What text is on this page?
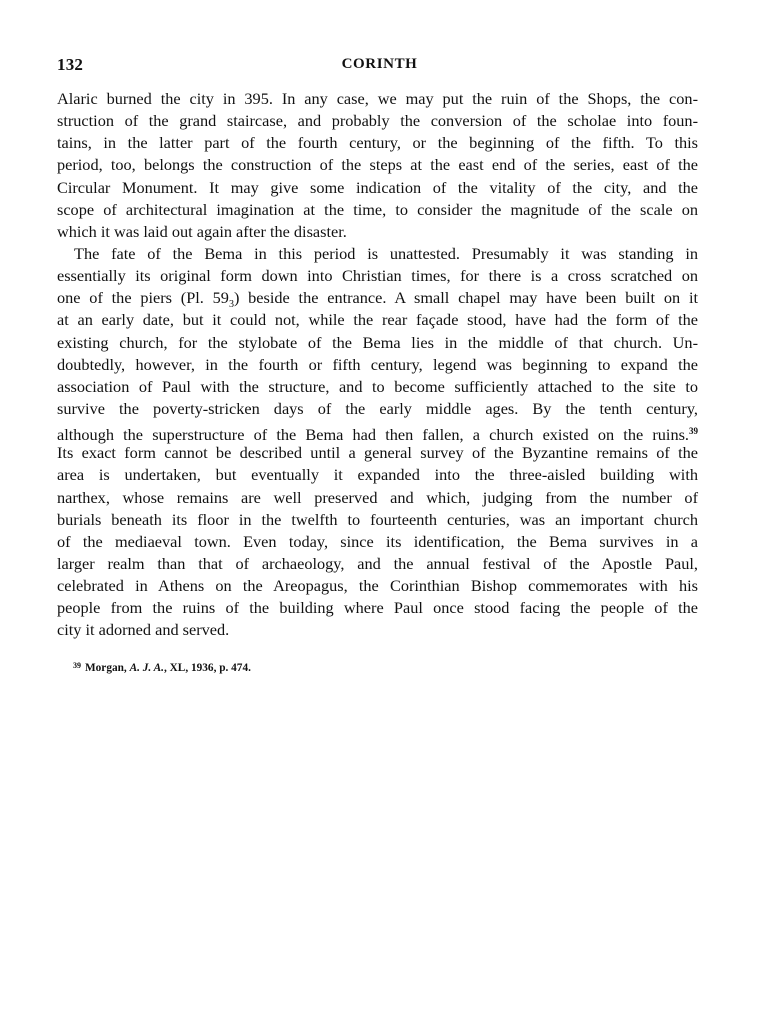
132	CORINTH
Alaric burned the city in 395. In any case, we may put the ruin of the Shops, the con-
struction of the grand staircase, and probably the conversion of the scholae into foun-
tains, in the latter part of the fourth century, or the beginning of the fifth. To this
period, too, belongs the construction of the steps at the east end of the series, east of the
Circular Monument. It may give some indication of the vitality of the city, and the
scope of architectural imagination at the time, to consider the magnitude of the scale on
which it was laid out again after the disaster.
The fate of the Bema in this period is unattested. Presumably it was standing in
essentially its original form down into Christian times, for there is a cross scratched on
one of the piers (Pl. $59_3$) beside the entrance. A small chapel may have been built on it
at an early date, but it could not, while the rear façade stood, have had the form of the
existing church, for the stylobate of the Bema lies in the middle of that church. Un-
doubtedly, however, in the fourth or fifth century, legend was beginning to expand the
association of Paul with the structure, and to become sufficiently attached to the site to
survive the poverty-stricken days of the early middle ages. By the tenth century,
although the superstructure of the Bema had then fallen, a church existed on the ruins.$^{39}$
Its exact form cannot be described until a general survey of the Byzantine remains of the
area is undertaken, but eventually it expanded into the three-aisled building with
narthex, whose remains are well preserved and which, judging from the number of
burials beneath its floor in the twelfth to fourteenth centuries, was an important church
of the mediaeval town. Even today, since its identification, the Bema survives in a
larger realm than that of archaeology, and the annual festival of the Apostle Paul,
celebrated in Athens on the Areopagus, the Corinthian Bishop commemorates with his
people from the ruins of the building where Paul once stood facing the people of the
city it adorned and served.
$^{39}$ Morgan, A. J. A., XL, 1936, p. 474.
